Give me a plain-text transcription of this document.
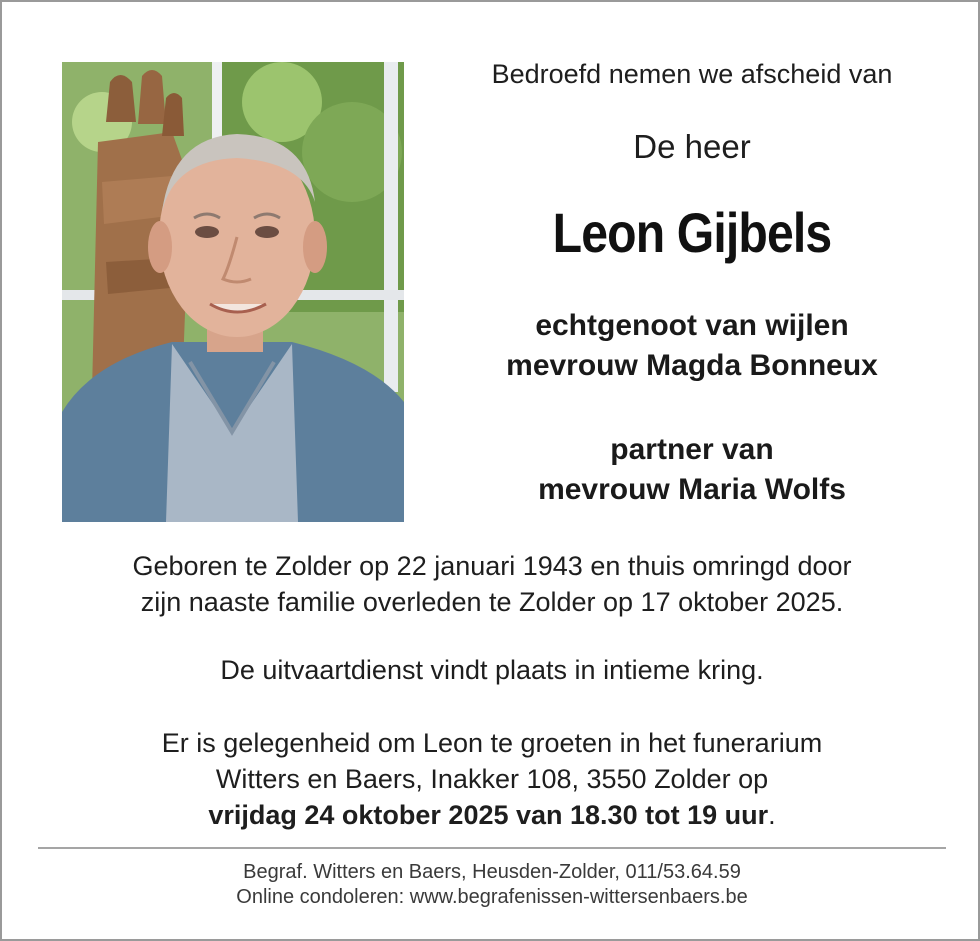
Bedroefd nemen we afscheid van
De heer
Leon Gijbels
echtgenoot van wijlen
mevrouw Magda Bonneux
partner van
mevrouw Maria Wolfs
Geboren te Zolder op 22 januari 1943 en thuis omringd door
zijn naaste familie overleden te Zolder op 17 oktober 2025.
De uitvaartdienst vindt plaats in intieme kring.
Er is gelegenheid om Leon te groeten in het funerarium
Witters en Baers, Inakker 108, 3550 Zolder op
vrijdag 24 oktober 2025 van 18.30 tot 19 uur.
Begraf. Witters en Baers, Heusden-Zolder, 011/53.64.59
Online condoleren: www.begrafenissen-wittersenbaers.be
